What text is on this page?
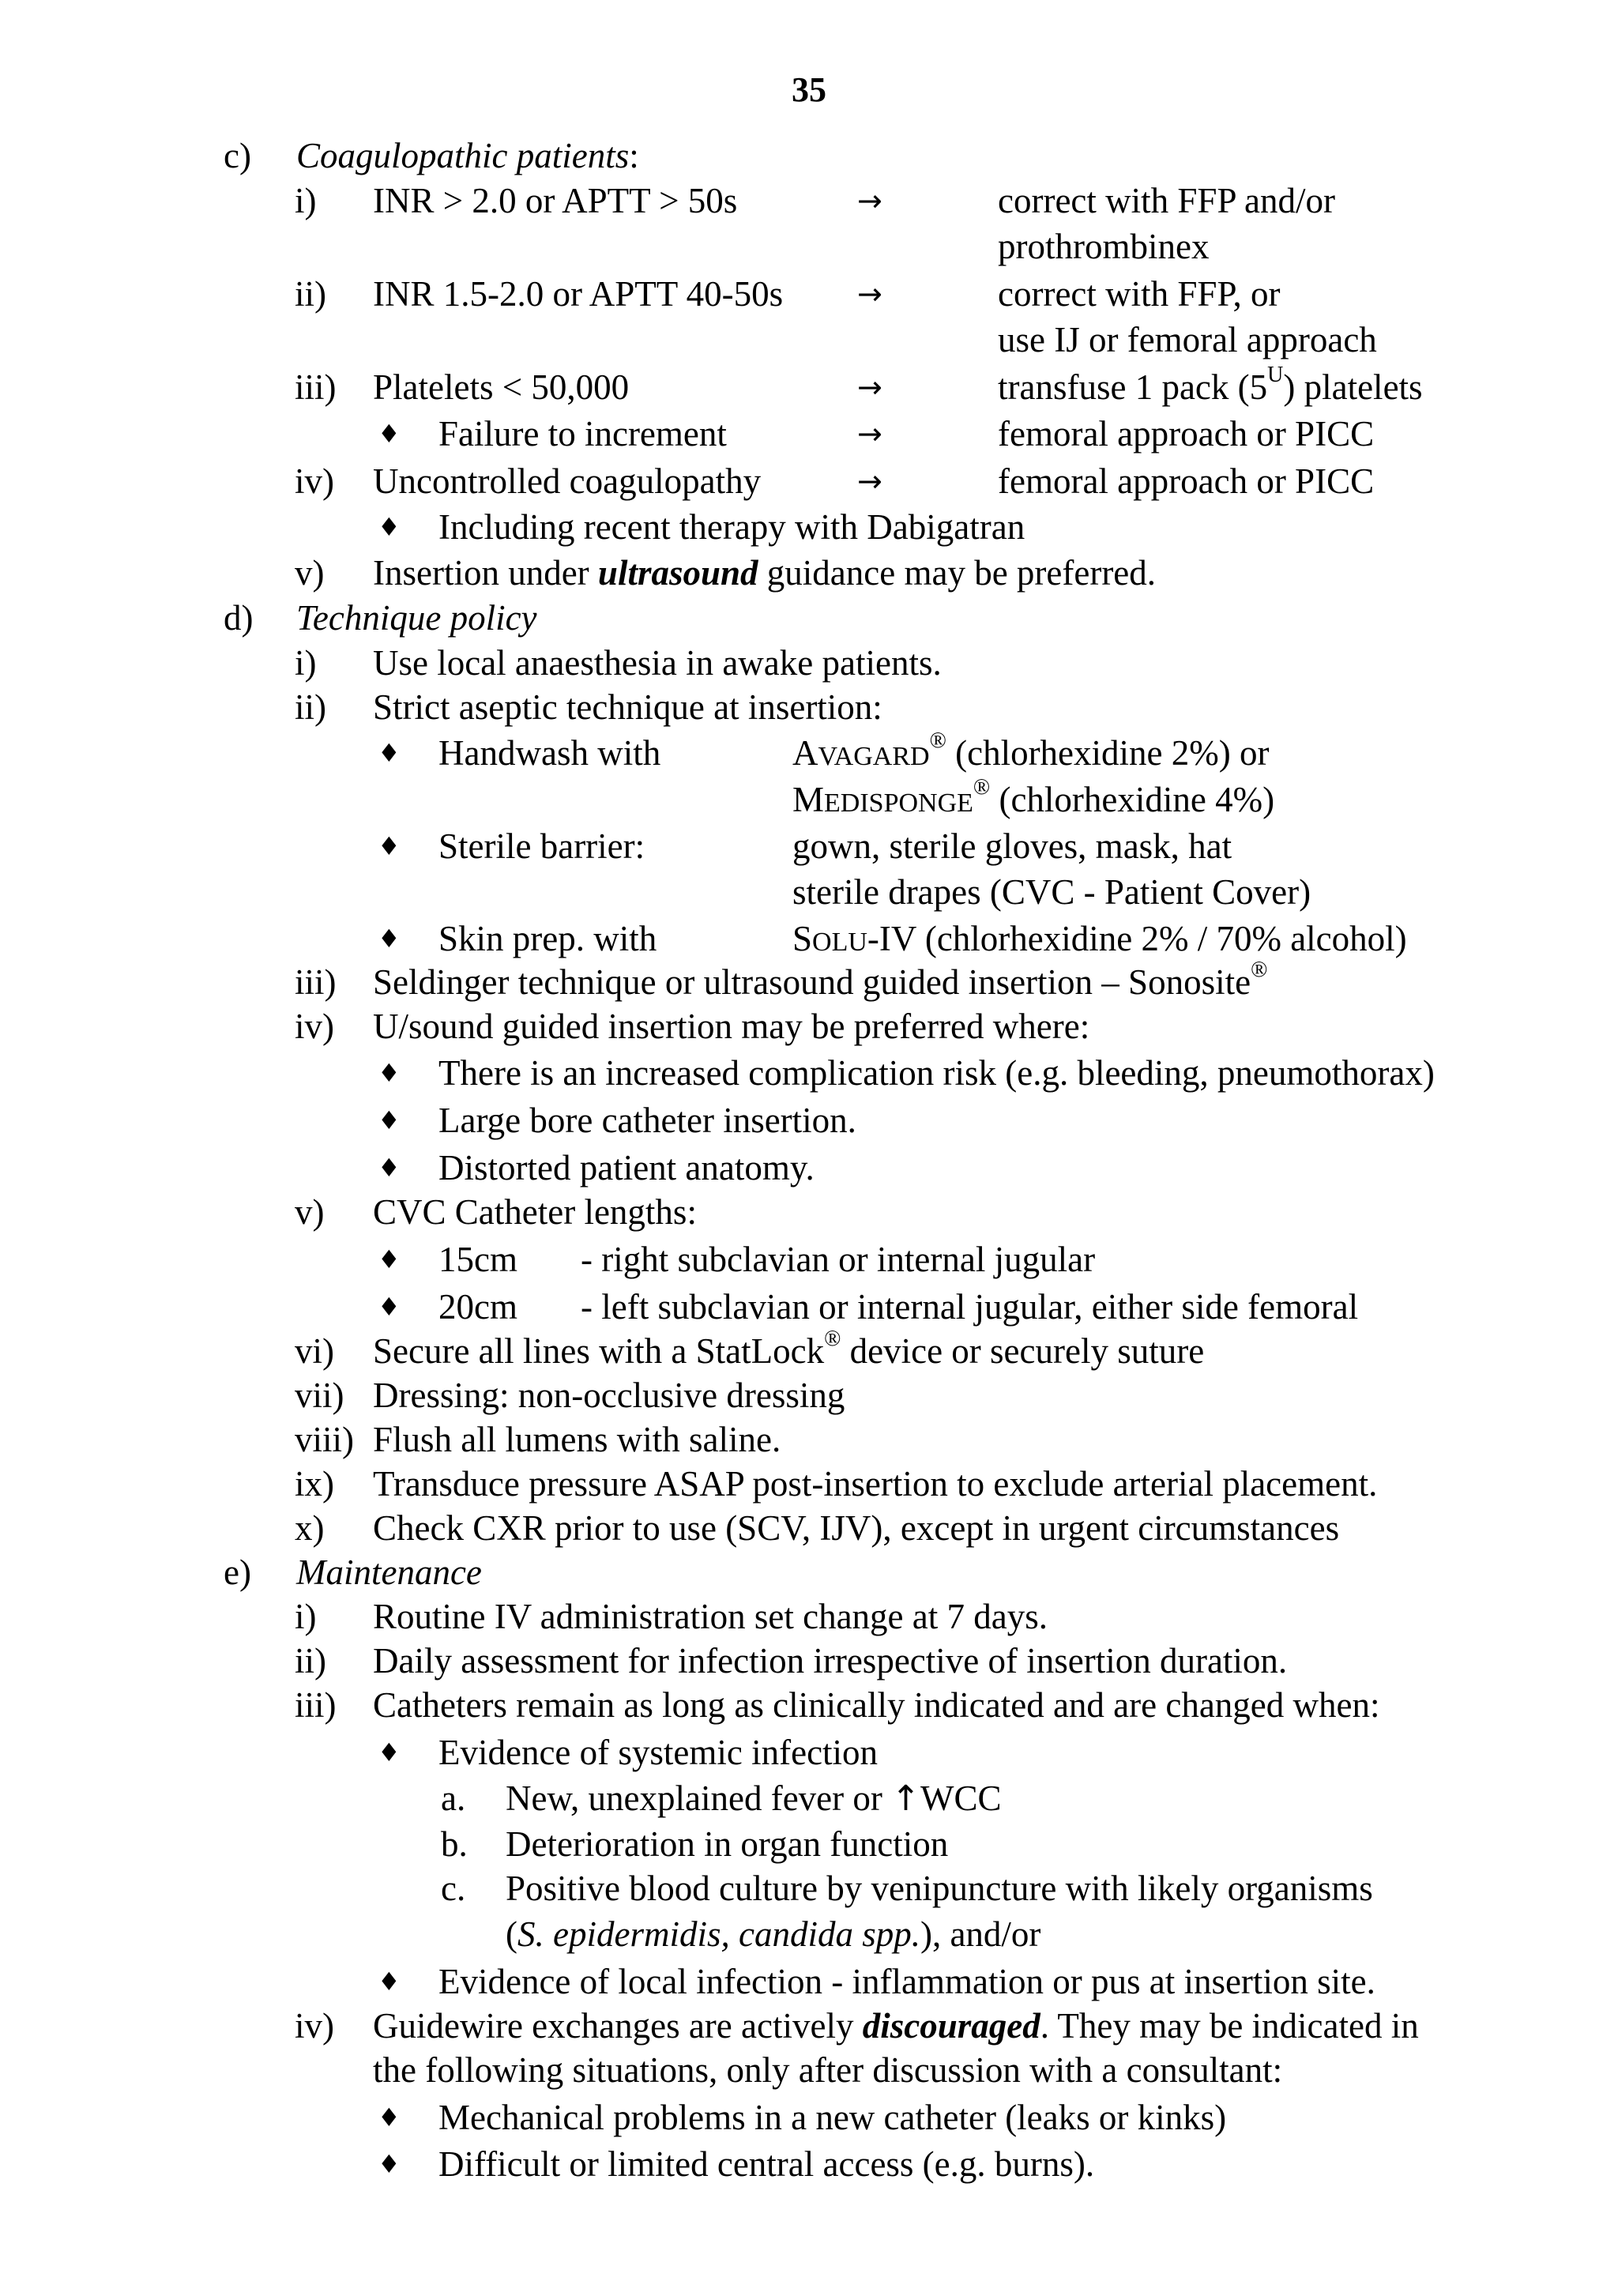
35
c) Coagulopathic patients:
i) INR > 2.0 or APTT > 50s	→	correct with FFP and/or
prothrombinex
ii) INR 1.5-2.0 or APTT 40-50s →	correct with FFP, or
use IJ or femoral approach
iii) Platelets < 50,000	→	transfuse 1 pack $(5^U)$ platelets
♦ Failure to increment	→	femoral approach or PICC
iv) Uncontrolled coagulopathy	→	femoral approach or PICC
♦ Including recent therapy with Dabigatran
v) Insertion under ultrasound guidance may be preferred.
d) Technique policy
i) Use local anaesthesia in awake patients.
ii) Strict aseptic technique at insertion:
♦ Handwash with	AVAGARD® (chlorhexidine 2%) or
MEDISPONGE® (chlorhexidine 4%)
♦ Sterile barrier:	gown, sterile gloves, mask, hat
sterile drapes (CVC - Patient Cover)
♦ Skin prep. with	SOLU-IV (chlorhexidine 2% / 70% alcohol)
iii) Seldinger technique or ultrasound guided insertion – Sonosite®
iv) U/sound guided insertion may be preferred where:
♦ There is an increased complication risk (e.g. bleeding, pneumothorax)
♦ Large bore catheter insertion.
♦ Distorted patient anatomy.
v) CVC Catheter lengths:
♦ 15cm - right subclavian or internal jugular
♦ 20cm - left subclavian or internal jugular, either side femoral
vi) Secure all lines with a StatLock® device or securely suture
vii) Dressing: non-occlusive dressing
viii) Flush all lumens with saline.
ix) Transduce pressure ASAP post-insertion to exclude arterial placement.
x) Check CXR prior to use (SCV, IJV), except in urgent circumstances
e) Maintenance
i) Routine IV administration set change at 7 days.
ii) Daily assessment for infection irrespective of insertion duration.
iii) Catheters remain as long as clinically indicated and are changed when:
♦ Evidence of systemic infection
a. New, unexplained fever or ↑WCC
b. Deterioration in organ function
c. Positive blood culture by venipuncture with likely organisms
(S. epidermidis, candida spp.), and/or
♦ Evidence of local infection - inflammation or pus at insertion site.
iv) Guidewire exchanges are actively discouraged. They may be indicated in
the following situations, only after discussion with a consultant:
♦ Mechanical problems in a new catheter (leaks or kinks)
♦ Difficult or limited central access (e.g. burns).
